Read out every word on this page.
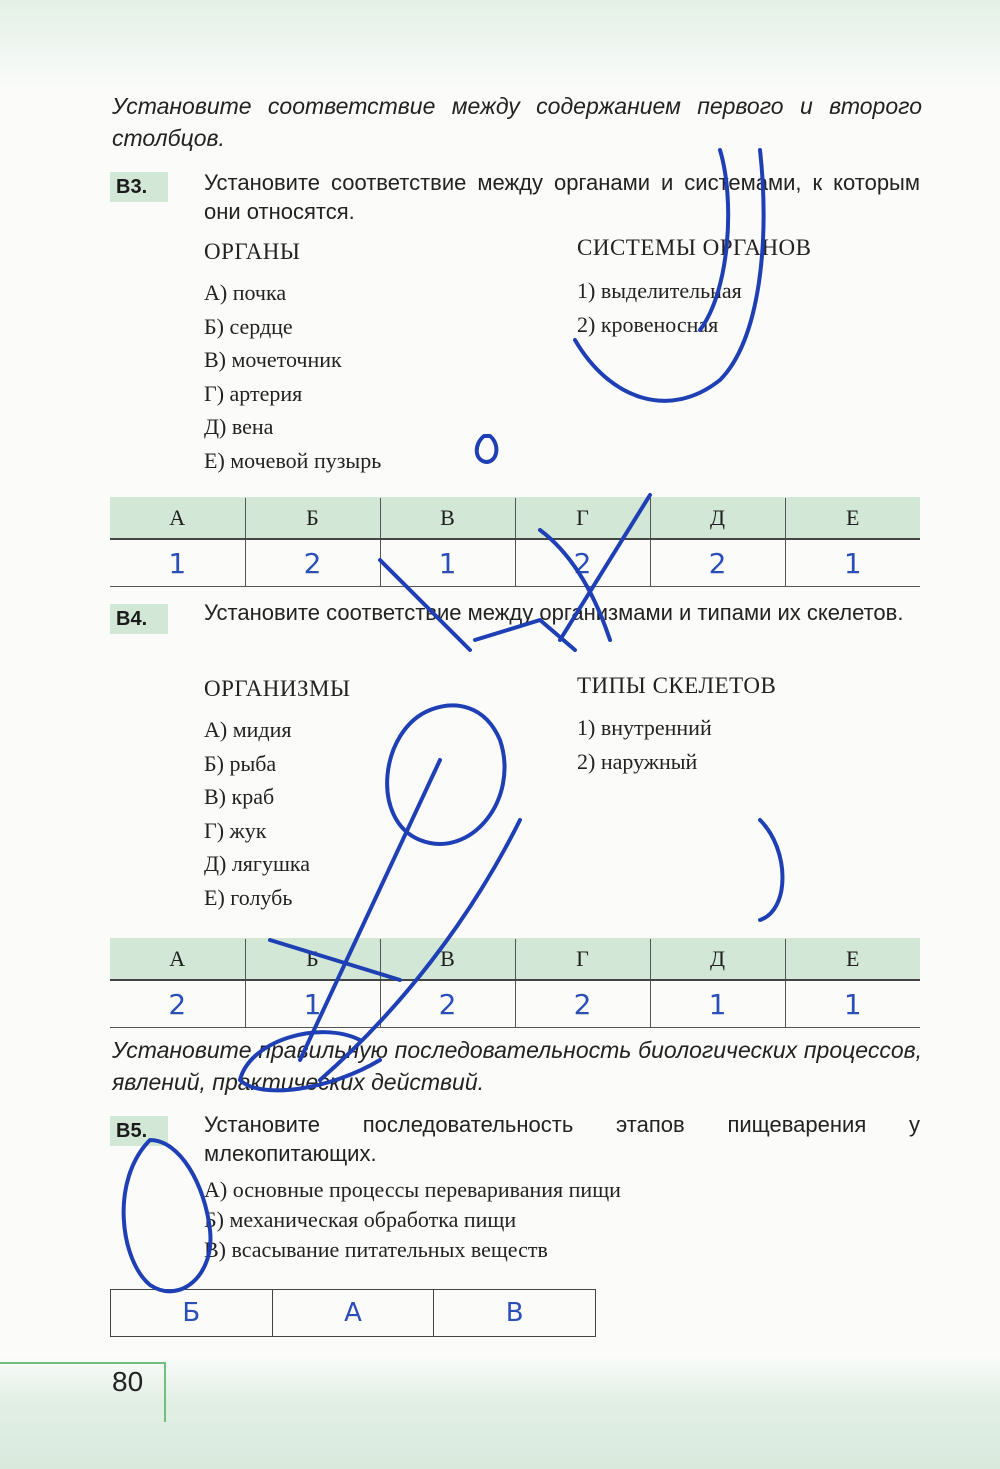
Установите соответствие между содержанием первого и второго столбцов.
В3.	Установите соответствие между органами и системами, к которым они относятся.
ОРГАНЫ	СИСТЕМЫ ОРГАНОВ
А) почка
Б) сердце
В) мочеточник
Г) артерия
Д) вена
Е) мочевой пузырь
1) выделительная
2) кровеносная
А	Б	В	Г	Д	Е
1	2	1	2	2	1
В4.	Установите соответствие между организмами и типами их скелетов.
ОРГАНИЗМЫ	ТИПЫ СКЕЛЕТОВ
А) мидия
Б) рыба
В) краб
Г) жук
Д) лягушка
Е) голубь
1) внутренний
2) наружный
А	Б	В	Г	Д	Е
2	1	2	2	1	1
Установите правильную последовательность биологических процессов, явлений, практических действий.
В5.	Установите последовательность этапов пищеварения у млекопитающих.
А) основные процессы переваривания пищи
Б) механическая обработка пищи
В) всасывание питательных веществ
Б	А	В
80
